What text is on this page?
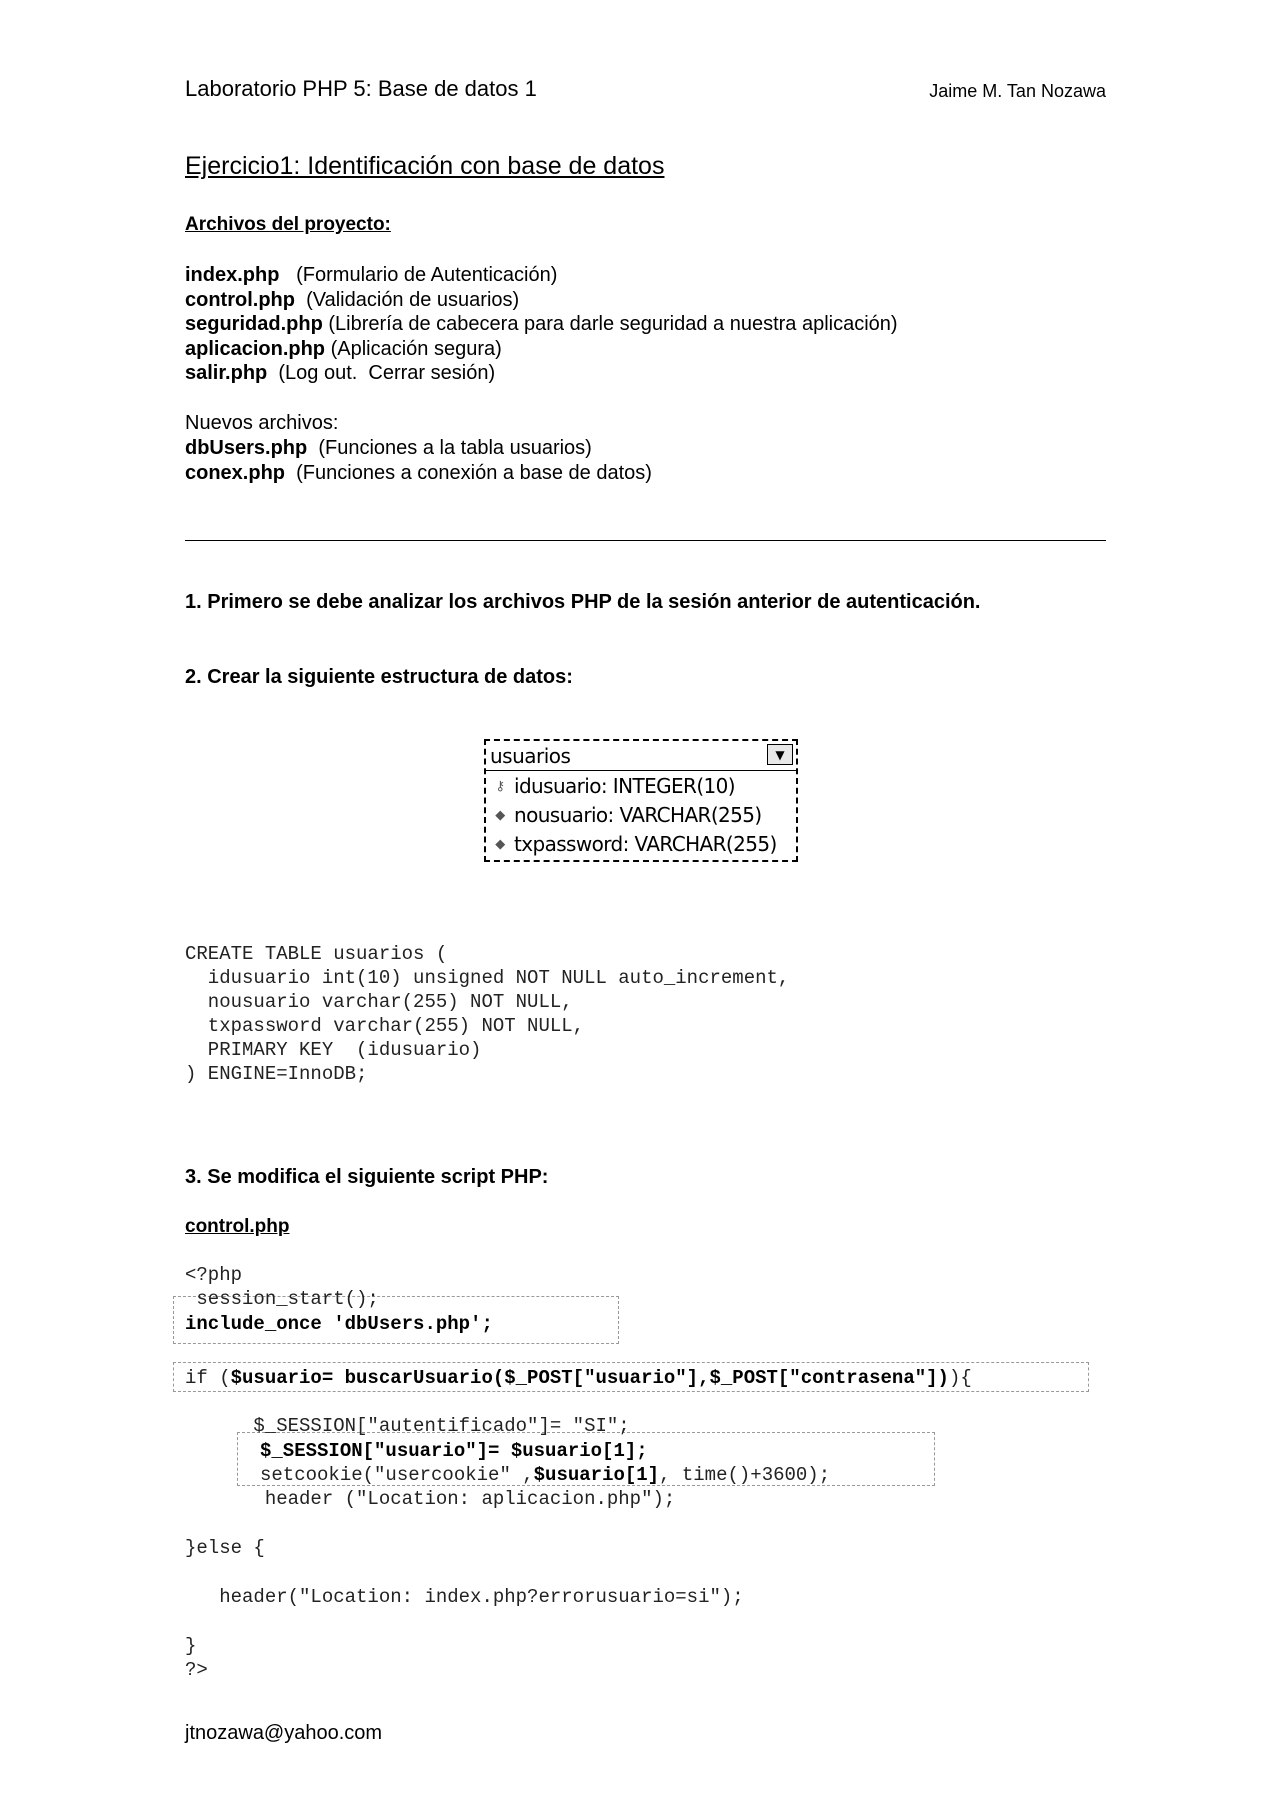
Laboratorio PHP 5: Base de datos 1	Jaime M. Tan Nozawa
Ejercicio1: Identificación con base de datos
Archivos del proyecto:
index.php   (Formulario de Autenticación)
control.php  (Validación de usuarios)
seguridad.php (Librería de cabecera para darle seguridad a nuestra aplicación)
aplicacion.php (Aplicación segura)
salir.php  (Log out.  Cerrar sesión)
Nuevos archivos:
dbUsers.php  (Funciones a la tabla usuarios)
conex.php  (Funciones a conexión a base de datos)
1. Primero se debe analizar los archivos PHP de la sesión anterior de autenticación.
2. Crear la siguiente estructura de datos:
usuarios	▼
⚷ idusuario: INTEGER(10)
◆ nousuario: VARCHAR(255)
◆ txpassword: VARCHAR(255)
CREATE TABLE usuarios (
idusuario int(10) unsigned NOT NULL auto_increment,
nousuario varchar(255) NOT NULL,
txpassword varchar(255) NOT NULL,
PRIMARY KEY  (idusuario)
) ENGINE=InnoDB;
3. Se modifica el siguiente script PHP:
control.php
<?php
session_start();
include_once 'dbUsers.php';
if ($usuario= buscarUsuario($_POST["usuario"],$_POST["contrasena"])){
$_SESSION["autentificado"]= "SI";
$_SESSION["usuario"]= $usuario[1];
setcookie("usercookie" ,$usuario[1], time()+3600);
header ("Location: aplicacion.php");
}else {
header("Location: index.php?errorusuario=si");
}
?>
jtnozawa@yahoo.com
